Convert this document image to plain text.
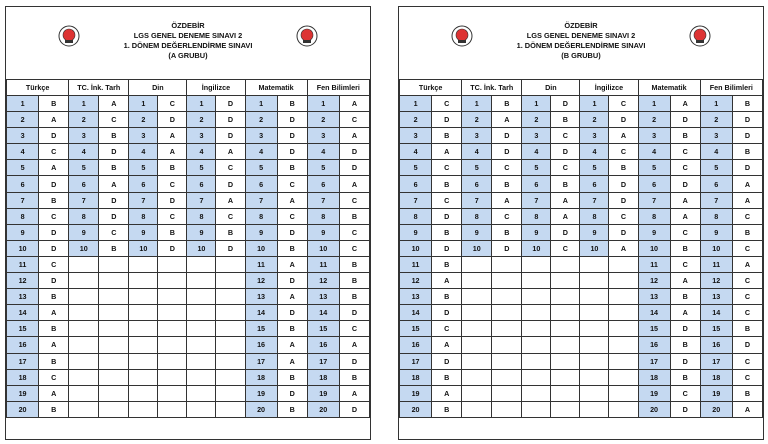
ÖZDEBİR
LGS GENEL DENEME SINAVI 2
1. DÖNEM DEĞERLENDİRME SINAVI
(A GRUBU)
Türkçe		TC. İnk. Tarh		Din		İngilizce		Matematik		Fen Bilimleri	
1	B	1	A	1	C	1	D	1	B	1	A
2	A	2	C	2	D	2	D	2	D	2	C
3	D	3	B	3	A	3	D	3	D	3	A
4	C	4	D	4	A	4	A	4	D	4	D
5	A	5	B	5	B	5	C	5	B	5	D
6	D	6	A	6	C	6	D	6	C	6	A
7	B	7	D	7	D	7	A	7	A	7	C
8	C	8	D	8	C	8	C	8	C	8	B
9	D	9	C	9	B	9	B	9	D	9	C
10	D	10	B	10	D	10	D	10	B	10	C
11	C							11	A	11	B
12	D							12	D	12	B
13	B							13	A	13	B
14	A							14	D	14	D
15	B							15	B	15	C
16	A							16	A	16	A
17	B							17	A	17	D
18	C							18	B	18	B
19	A							19	D	19	A
20	B							20	B	20	D
ÖZDEBİR
LGS GENEL DENEME SINAVI 2
1. DÖNEM DEĞERLENDİRME SINAVI
(B GRUBU)
Türkçe		TC. İnk. Tarh		Din		İngilizce		Matematik		Fen Bilimleri	
1	C	1	B	1	D	1	C	1	A	1	B
2	D	2	A	2	B	2	D	2	D	2	D
3	B	3	D	3	C	3	A	3	B	3	D
4	A	4	D	4	D	4	C	4	C	4	B
5	C	5	C	5	C	5	B	5	C	5	D
6	B	6	B	6	B	6	D	6	D	6	A
7	C	7	A	7	A	7	D	7	A	7	A
8	D	8	C	8	A	8	C	8	A	8	C
9	B	9	B	9	D	9	D	9	C	9	B
10	D	10	D	10	C	10	A	10	B	10	C
11	B							11	C	11	A
12	A							12	A	12	C
13	B							13	B	13	C
14	D							14	A	14	C
15	C							15	D	15	B
16	A							16	B	16	D
17	D							17	D	17	C
18	B							18	B	18	C
19	A							19	C	19	B
20	B							20	D	20	A
